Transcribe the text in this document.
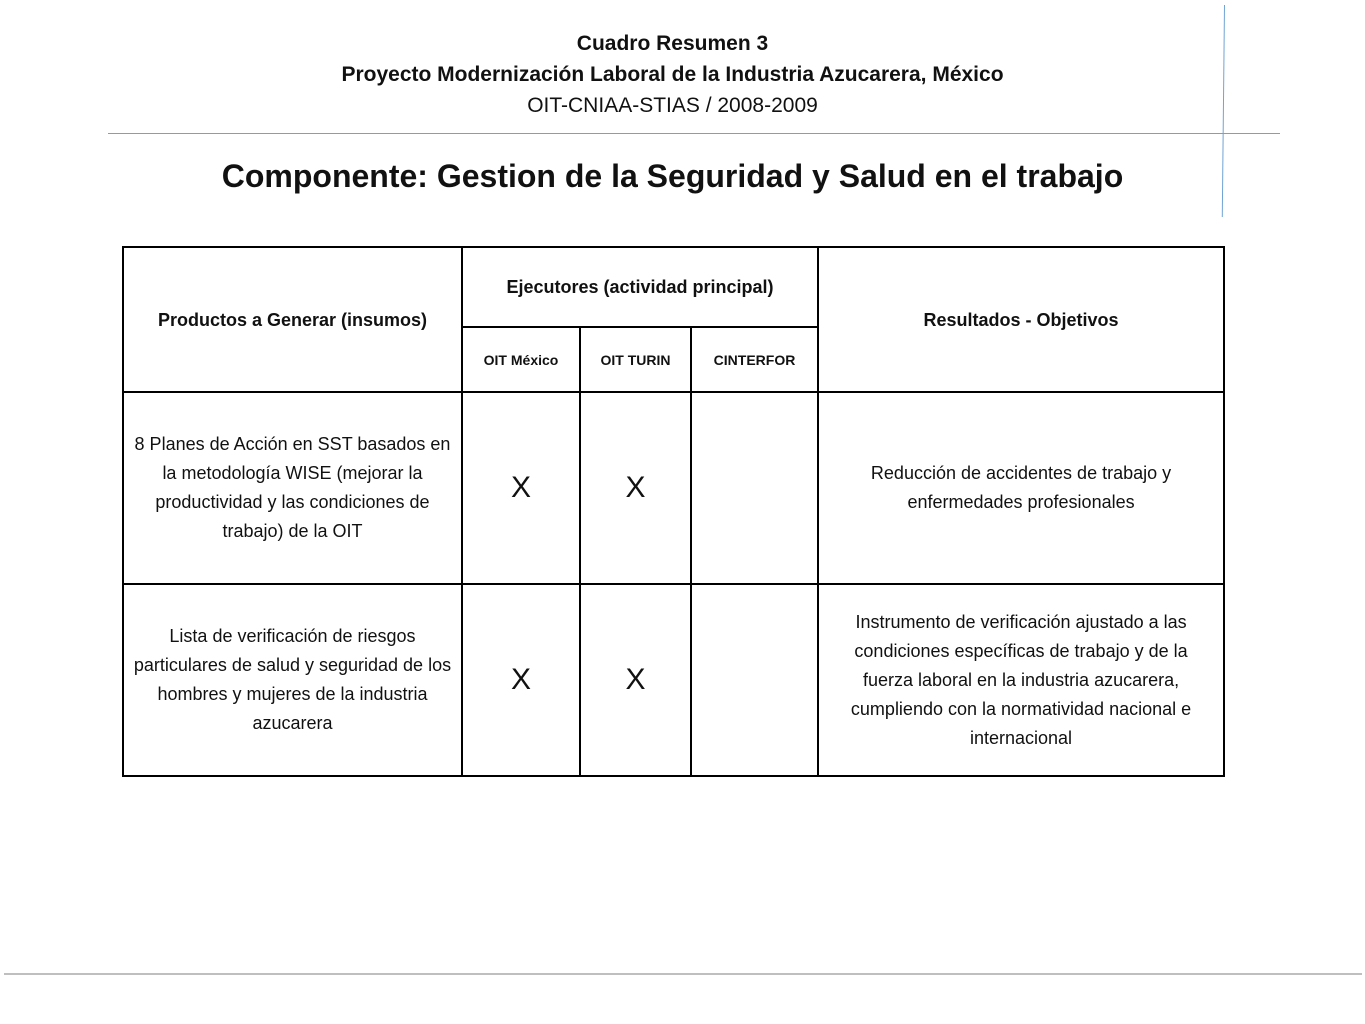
Cuadro Resumen 3
Proyecto Modernización Laboral de la Industria Azucarera, México
OIT-CNIAA-STIAS / 2008-2009
Componente: Gestion de la Seguridad y Salud en el trabajo
Productos a Generar (insumos)	Ejecutores (actividad principal)			Resultados - Objetivos
	OIT México	OIT TURIN	CINTERFOR	
8 Planes de Acción en SST basados en la metodología WISE (mejorar la productividad y las condiciones de trabajo) de la OIT	X	X		Reducción de accidentes de trabajo y enfermedades profesionales
Lista de verificación de riesgos particulares de salud y seguridad de los hombres y mujeres de la industria azucarera	X	X		Instrumento de verificación ajustado a las condiciones específicas de trabajo y de la fuerza laboral en la industria azucarera, cumpliendo con la normatividad nacional e internacional
